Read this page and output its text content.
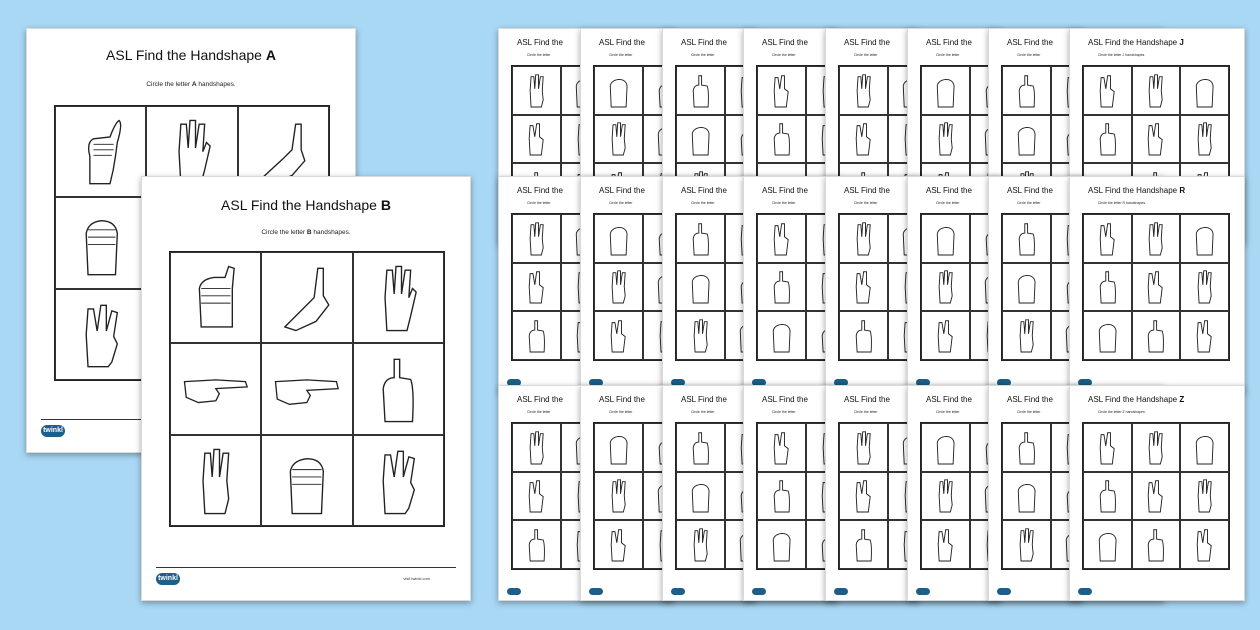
ASL Find the Handshape A
Circle the letter A handshapes.
twinkl
ASL Find the Handshape B
Circle the letter B handshapes.
twinkl	visit twinkl.com
ASL Find the
Circle the letter
ASL Find the
Circle the letter
ASL Find the
Circle the letter
ASL Find the
Circle the letter
ASL Find the
Circle the letter
ASL Find the
Circle the letter
ASL Find the
Circle the letter
ASL Find the Handshape J
Circle the letter J handshapes.
ASL Find the
Circle the letter
ASL Find the
Circle the letter
ASL Find the
Circle the letter
ASL Find the
Circle the letter
ASL Find the
Circle the letter
ASL Find the
Circle the letter
ASL Find the
Circle the letter
ASL Find the Handshape R
Circle the letter R handshapes.
ASL Find the
Circle the letter
ASL Find the
Circle the letter
ASL Find the
Circle the letter
ASL Find the
Circle the letter
ASL Find the
Circle the letter
ASL Find the
Circle the letter
ASL Find the
Circle the letter
ASL Find the Handshape Z
Circle the letter Z handshapes.
